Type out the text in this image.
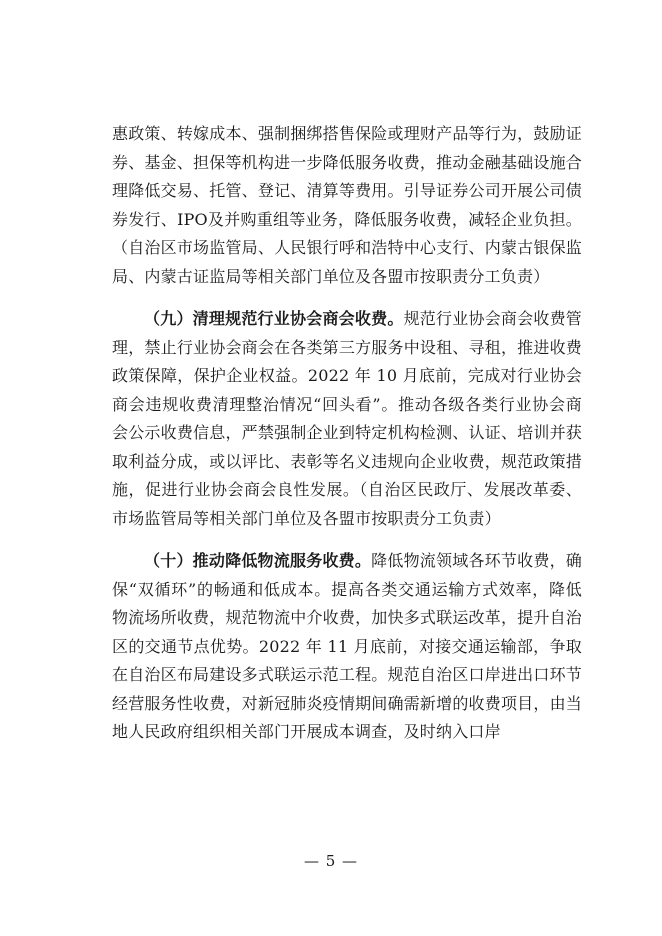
惠政策、转嫁成本、强制捆绑搭售保险或理财产品等行为，鼓励证券、基金、担保等机构进一步降低服务收费，推动金融基础设施合理降低交易、托管、登记、清算等费用。引导证券公司开展公司债券发行、IPO及并购重组等业务，降低服务收费，减轻企业负担。（自治区市场监管局、人民银行呼和浩特中心支行、内蒙古银保监局、内蒙古证监局等相关部门单位及各盟市按职责分工负责）

（九）清理规范行业协会商会收费。规范行业协会商会收费管理，禁止行业协会商会在各类第三方服务中设租、寻租，推进收费政策保障，保护企业权益。2022 年 10 月底前，完成对行业协会商会违规收费清理整治情况“回头看”。推动各级各类行业协会商会公示收费信息，严禁强制企业到特定机构检测、认证、培训并获取利益分成，或以评比、表彰等名义违规向企业收费，规范政策措施，促进行业协会商会良性发展。（自治区民政厅、发展改革委、市场监管局等相关部门单位及各盟市按职责分工负责）

（十）推动降低物流服务收费。降低物流领域各环节收费，确保“双循环”的畅通和低成本。提高各类交通运输方式效率，降低物流场所收费，规范物流中介收费，加快多式联运改革，提升自治区的交通节点优势。2022 年 11 月底前，对接交通运输部，争取在自治区布局建设多式联运示范工程。规范自治区口岸进出口环节经营服务性收费，对新冠肺炎疫情期间确需新增的收费项目，由当地人民政府组织相关部门开展成本调查，及时纳入口岸

— 5 —
